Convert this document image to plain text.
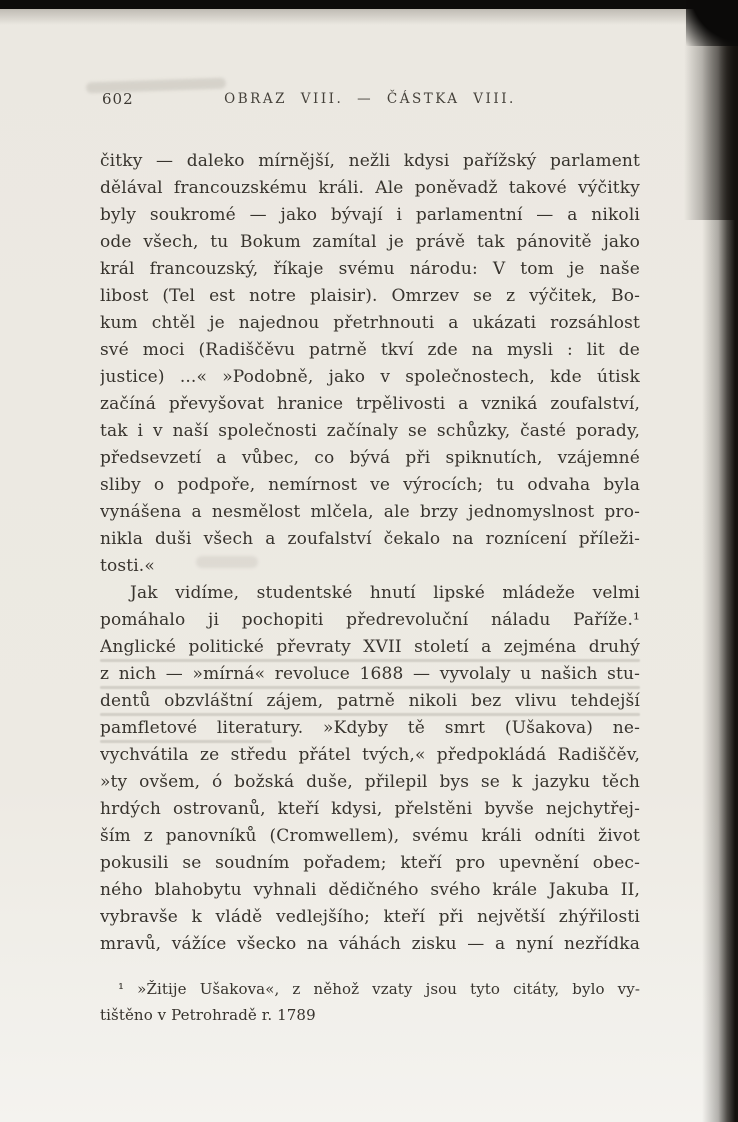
602	OBRAZ VIII. — ČÁSTKA VIII.
čitky — daleko mírnější, nežli kdysi pařížský parlament
dělával francouzskému králi. Ale poněvadž takové výčitky
byly soukromé — jako bývají i parlamentní — a nikoli
ode všech, tu Bokum zamítal je právě tak pánovitě jako
král francouzský, říkaje svému národu: V tom je naše
libost (Tel est notre plaisir). Omrzev se z výčitek, Bo-
kum chtěl je najednou přetrhnouti a ukázati rozsáhlost
své moci (Radiščěvu patrně tkví zde na mysli : lit de
justice) ...« »Podobně, jako v společnostech, kde útisk
začíná převyšovat hranice trpělivosti a vzniká zoufalství,
tak i v naší společnosti začínaly se schůzky, časté porady,
předsevzetí a vůbec, co bývá při spiknutích, vzájemné
sliby o podpoře, nemírnost ve výrocích; tu odvaha byla
vynášena a nesmělost mlčela, ale brzy jednomyslnost pro-
nikla duši všech a zoufalství čekalo na roznícení příleži-
tosti.«
Jak vidíme, studentské hnutí lipské mládeže velmi
pomáhalo ji pochopiti předrevoluční náladu Paříže.¹
Anglické politické převraty XVII století a zejména druhý
z nich — »mírná« revoluce 1688 — vyvolaly u našich stu-
dentů obzvláštní zájem, patrně nikoli bez vlivu tehdejší
pamfletové literatury. »Kdyby tě smrt (Ušakova) ne-
vychvátila ze středu přátel tvých,« předpokládá Radiščěv,
»ty ovšem, ó božská duše, přilepil bys se k jazyku těch
hrdých ostrovanů, kteří kdysi, přelstěni byvše nejchytřej-
ším z panovníků (Cromwellem), svému králi odníti život
pokusili se soudním pořadem; kteří pro upevnění obec-
ného blahobytu vyhnali dědičného svého krále Jakuba II,
vybravše k vládě vedlejšího; kteří při největší zhýřilosti
mravů, vážíce všecko na váhách zisku — a nyní nezřídka
¹ »Žitije Ušakova«, z něhož vzaty jsou tyto citáty, bylo vy-
tištěno v Petrohradě r. 1789
